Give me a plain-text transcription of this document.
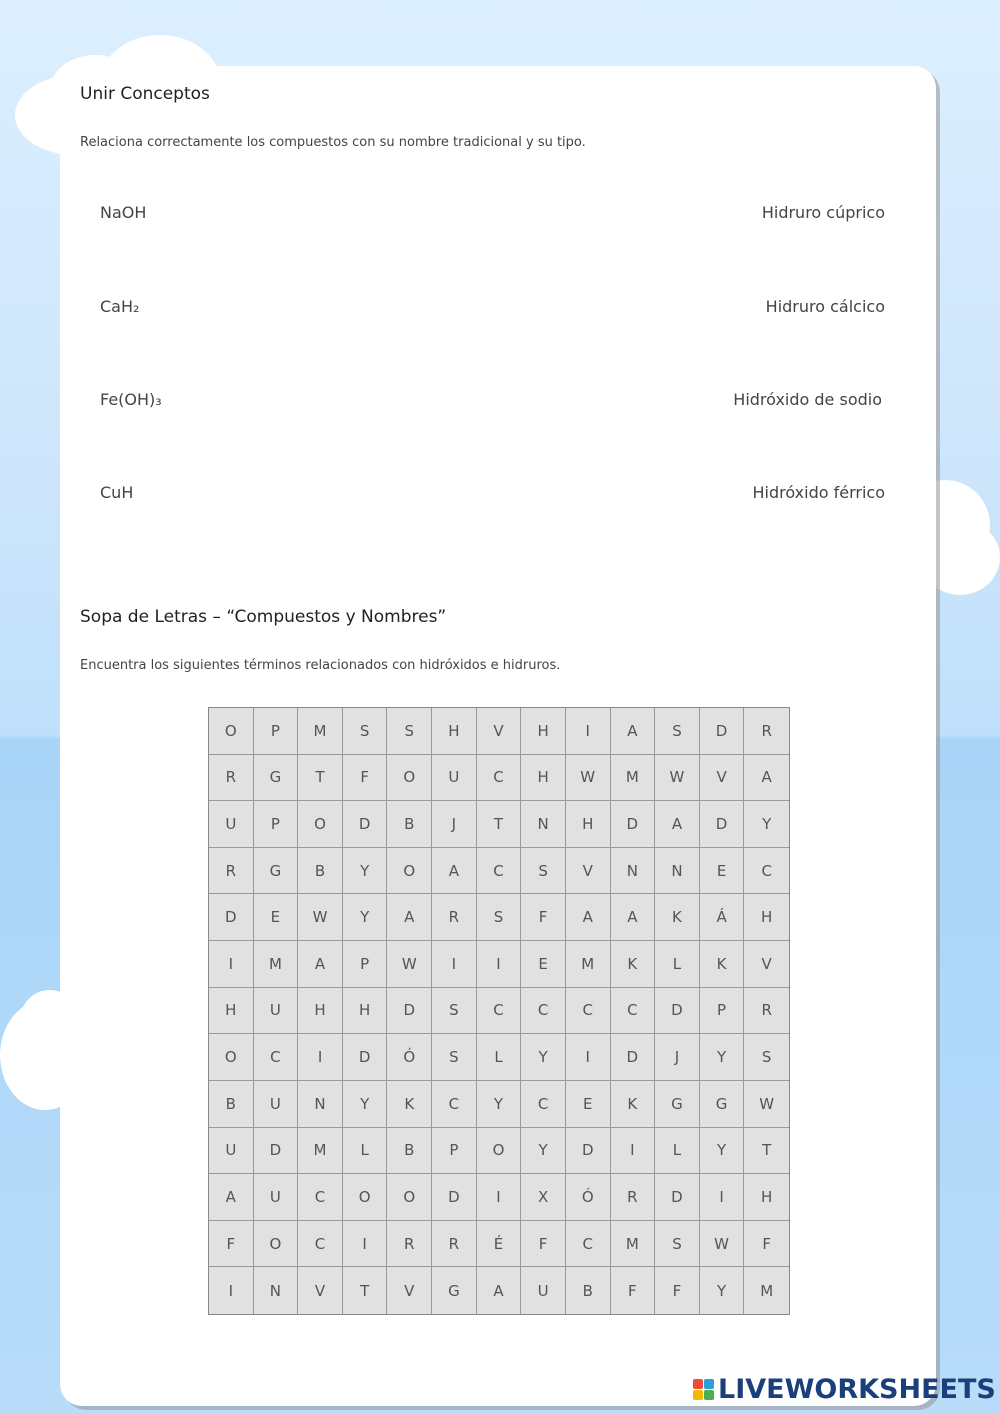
Unir Conceptos
Relaciona correctamente los compuestos con su nombre tradicional y su tipo.
NaOH
CaH₂
Fe(OH)₃
CuH
Hidruro cúprico
Hidruro cálcico
Hidróxido de sodio
Hidróxido férrico
Sopa de Letras – “Compuestos y Nombres”
Encuentra los siguientes términos relacionados con hidróxidos e hidruros.
O	P	M	S	S	H	V	H	I	A	S	D	R
R	G	T	F	O	U	C	H	W	M	W	V	A
U	P	O	D	B	J	T	N	H	D	A	D	Y
R	G	B	Y	O	A	C	S	V	N	N	E	C
D	E	W	Y	A	R	S	F	A	A	K	Á	H
I	M	A	P	W	I	I	E	M	K	L	K	V
H	U	H	H	D	S	C	C	C	C	D	P	R
O	C	I	D	Ó	S	L	Y	I	D	J	Y	S
B	U	N	Y	K	C	Y	C	E	K	G	G	W
U	D	M	L	B	P	O	Y	D	I	L	Y	T
A	U	C	O	O	D	I	X	Ó	R	D	I	H
F	O	C	I	R	R	É	F	C	M	S	W	F
I	N	V	T	V	G	A	U	B	F	F	Y	M
LIVEWORKSHEETS
